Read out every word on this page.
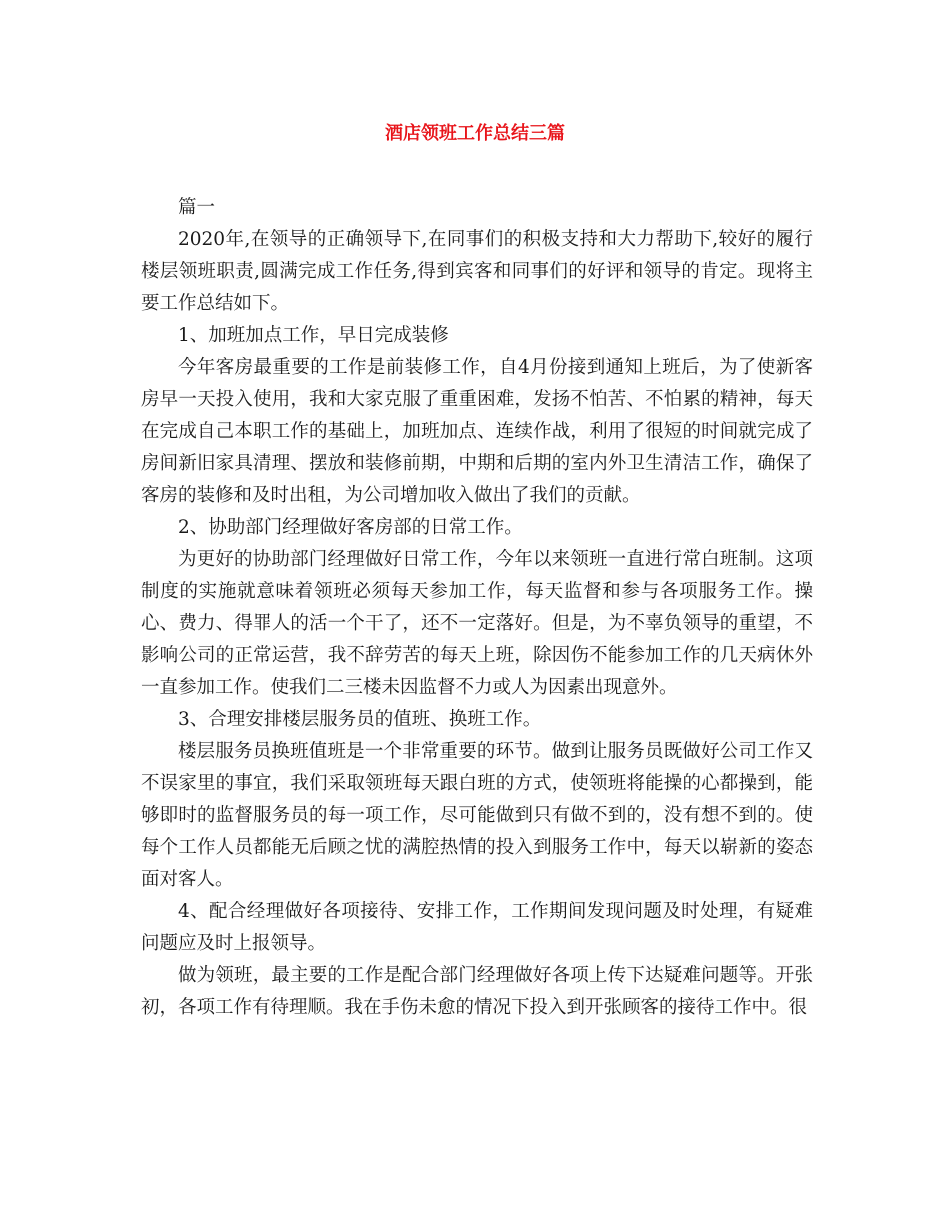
酒店领班工作总结三篇

篇一

2020年,在领导的正确领导下,在同事们的积极支持和大力帮助下,较好的履行楼层领班职责,圆满完成工作任务,得到宾客和同事们的好评和领导的肯定。现将主要工作总结如下。

1、加班加点工作，早日完成装修

今年客房最重要的工作是前装修工作，自4月份接到通知上班后，为了使新客房早一天投入使用，我和大家克服了重重困难，发扬不怕苦、不怕累的精神，每天在完成自己本职工作的基础上，加班加点、连续作战，利用了很短的时间就完成了房间新旧家具清理、摆放和装修前期，中期和后期的室内外卫生清洁工作，确保了客房的装修和及时出租，为公司增加收入做出了我们的贡献。

2、协助部门经理做好客房部的日常工作。

为更好的协助部门经理做好日常工作，今年以来领班一直进行常白班制。这项制度的实施就意味着领班必须每天参加工作，每天监督和参与各项服务工作。操心、费力、得罪人的活一个干了，还不一定落好。但是，为不辜负领导的重望，不影响公司的正常运营，我不辞劳苦的每天上班，除因伤不能参加工作的几天病休外一直参加工作。使我们二三楼未因监督不力或人为因素出现意外。

3、合理安排楼层服务员的值班、换班工作。

楼层服务员换班值班是一个非常重要的环节。做到让服务员既做好公司工作又不误家里的事宜，我们采取领班每天跟白班的方式，使领班将能操的心都操到，能够即时的监督服务员的每一项工作，尽可能做到只有做不到的，没有想不到的。使每个工作人员都能无后顾之忧的满腔热情的投入到服务工作中，每天以崭新的姿态面对客人。

4、配合经理做好各项接待、安排工作，工作期间发现问题及时处理，有疑难问题应及时上报领导。

做为领班，最主要的工作是配合部门经理做好各项上传下达疑难问题等。开张初，各项工作有待理顺。我在手伤未愈的情况下投入到开张顾客的接待工作中。很
